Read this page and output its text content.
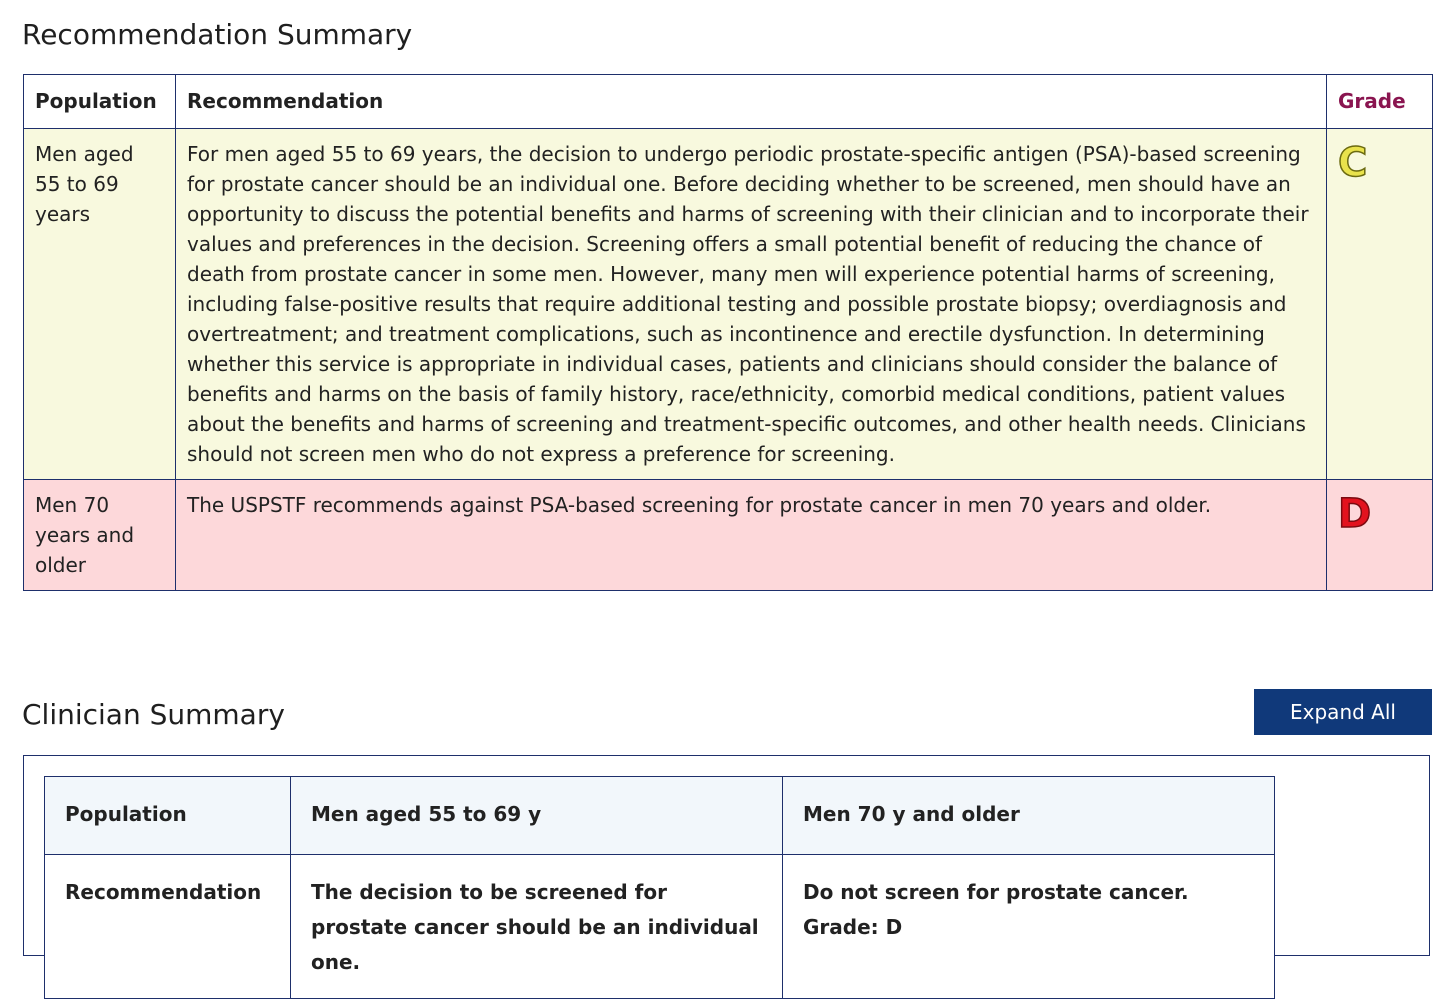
Recommendation Summary
Population	Recommendation	Grade
Men aged 55 to 69 years	For men aged 55 to 69 years, the decision to undergo periodic prostate-specific antigen (PSA)-based screening for prostate cancer should be an individual one. Before deciding whether to be screened, men should have an opportunity to discuss the potential benefits and harms of screening with their clinician and to incorporate their values and preferences in the decision. Screening offers a small potential benefit of reducing the chance of death from prostate cancer in some men. However, many men will experience potential harms of screening, including false-positive results that require additional testing and possible prostate biopsy; overdiagnosis and overtreatment; and treatment complications, such as incontinence and erectile dysfunction. In determining whether this service is appropriate in individual cases, patients and clinicians should consider the balance of benefits and harms on the basis of family history, race/ethnicity, comorbid medical conditions, patient values about the benefits and harms of screening and treatment-specific outcomes, and other health needs. Clinicians should not screen men who do not express a preference for screening.	C
Men 70 years and older	The USPSTF recommends against PSA-based screening for prostate cancer in men 70 years and older.	D
Clinician Summary	Expand All
Population	Men aged 55 to 69 y	Men 70 y and older
Recommendation	The decision to be screened for prostate cancer should be an individual one.	Do not screen for prostate cancer.
Grade: D
